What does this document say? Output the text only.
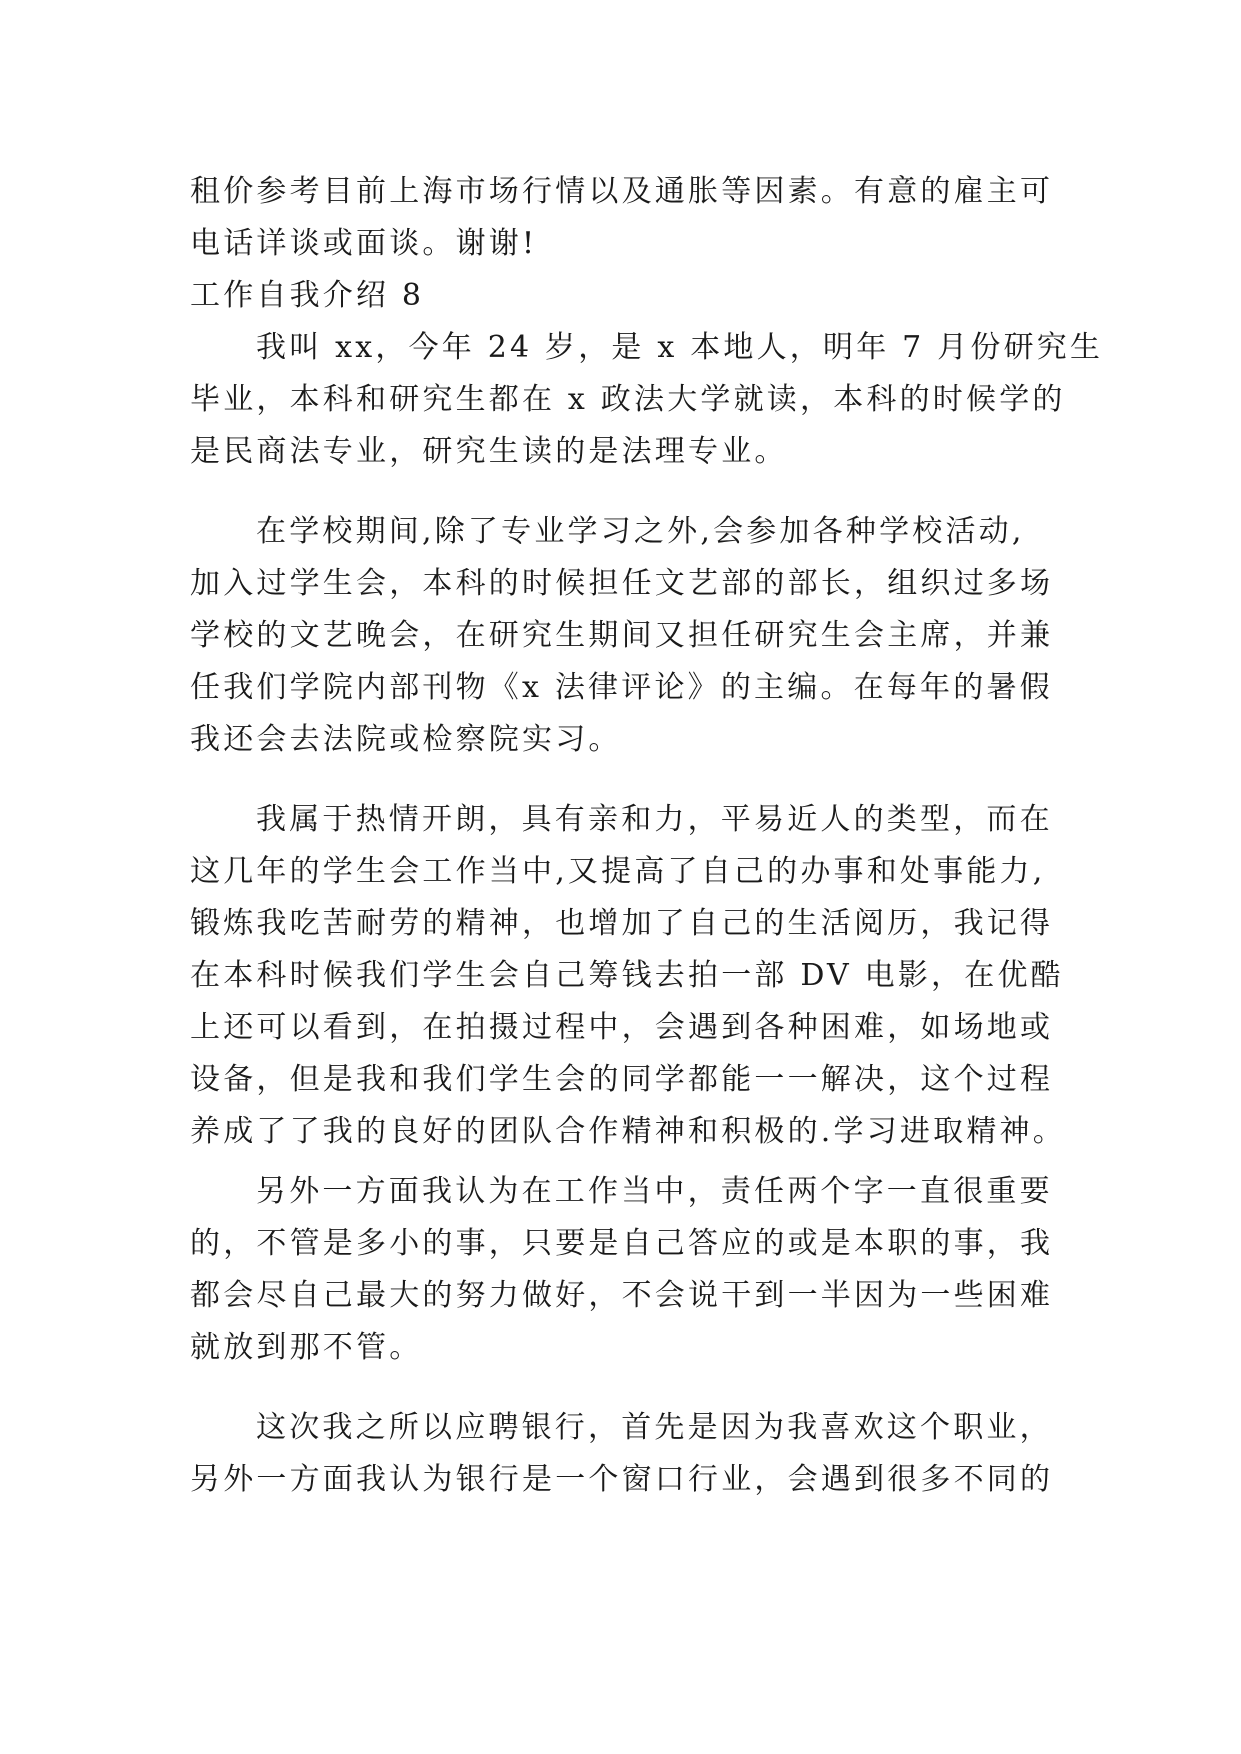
租价参考目前上海市场行情以及通胀等因素。有意的雇主可
电话详谈或面谈。谢谢!
工作自我介绍 8
我叫 xx，今年 24 岁，是 x 本地人，明年 7 月份研究生
毕业，本科和研究生都在 x 政法大学就读，本科的时候学的
是民商法专业，研究生读的是法理专业。
在学校期间,除了专业学习之外,会参加各种学校活动,
加入过学生会，本科的时候担任文艺部的部长，组织过多场
学校的文艺晚会，在研究生期间又担任研究生会主席，并兼
任我们学院内部刊物《x 法律评论》的主编。在每年的暑假
我还会去法院或检察院实习。
我属于热情开朗，具有亲和力，平易近人的类型，而在
这几年的学生会工作当中,又提高了自己的办事和处事能力,
锻炼我吃苦耐劳的精神，也增加了自己的生活阅历，我记得
在本科时候我们学生会自己筹钱去拍一部 DV 电影，在优酷
上还可以看到，在拍摄过程中，会遇到各种困难，如场地或
设备，但是我和我们学生会的同学都能一一解决，这个过程
养成了了我的良好的团队合作精神和积极的.学习进取精神。
另外一方面我认为在工作当中，责任两个字一直很重要
的，不管是多小的事，只要是自己答应的或是本职的事，我
都会尽自己最大的努力做好，不会说干到一半因为一些困难
就放到那不管。
这次我之所以应聘银行，首先是因为我喜欢这个职业，
另外一方面我认为银行是一个窗口行业，会遇到很多不同的
